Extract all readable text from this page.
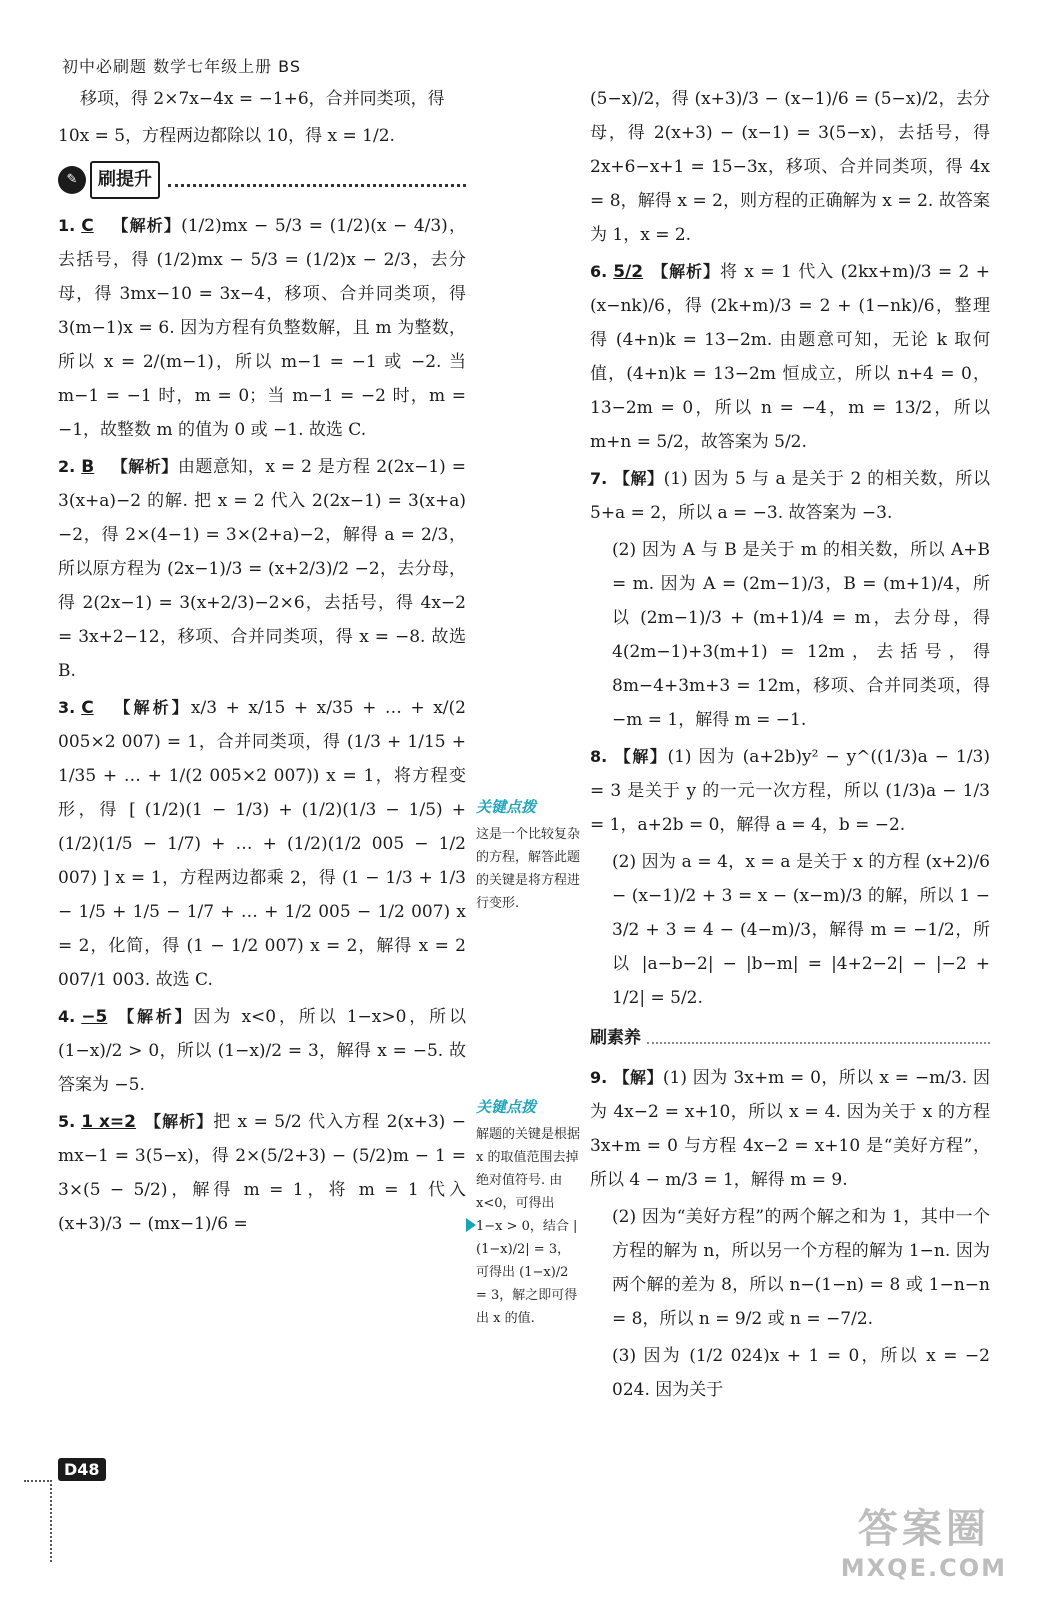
初中必刷题 数学七年级上册 BS

移项，得 2×7x−4x = −1+6，合并同类项，得

10x = 5，方程两边都除以 10，得 x = 1/2.

✎	刷提升

1. C 【解析】(1/2)mx − 5/3 = (1/2)(x − 4/3)，去括号，得 (1/2)mx − 5/3 = (1/2)x − 2/3，去分母，得 3mx−10 = 3x−4，移项、合并同类项，得 3(m−1)x = 6. 因为方程有负整数解，且 m 为整数，所以 x = 2/(m−1)，所以 m−1 = −1 或 −2. 当 m−1 = −1 时，m = 0；当 m−1 = −2 时，m = −1，故整数 m 的值为 0 或 −1. 故选 C.

2. B 【解析】由题意知，x = 2 是方程 2(2x−1) = 3(x+a)−2 的解. 把 x = 2 代入 2(2x−1) = 3(x+a)−2，得 2×(4−1) = 3×(2+a)−2，解得 a = 2/3，所以原方程为 (2x−1)/3 = (x+2/3)/2 −2，去分母，得 2(2x−1) = 3(x+2/3)−2×6，去括号，得 4x−2 = 3x+2−12，移项、合并同类项，得 x = −8. 故选 B.

3. C 【解析】x/3 + x/15 + x/35 + … + x/(2 005×2 007) = 1，合并同类项，得 (1/3 + 1/15 + 1/35 + … + 1/(2 005×2 007)) x = 1，将方程变形，得 [ (1/2)(1 − 1/3) + (1/2)(1/3 − 1/5) + (1/2)(1/5 − 1/7) + … + (1/2)(1/2 005 − 1/2 007) ] x = 1，方程两边都乘 2，得 (1 − 1/3 + 1/3 − 1/5 + 1/5 − 1/7 + … + 1/2 005 − 1/2 007) x = 2，化简，得 (1 − 1/2 007) x = 2，解得 x = 2 007/1 003. 故选 C.

4. −5 【解析】因为 x<0，所以 1−x>0，所以 (1−x)/2 > 0，所以 (1−x)/2 = 3，解得 x = −5. 故答案为 −5.

5. 1 x=2 【解析】把 x = 5/2 代入方程 2(x+3) − mx−1 = 3(5−x)，得 2×(5/2+3) − (5/2)m − 1 = 3×(5 − 5/2)，解得 m = 1，将 m = 1 代入 (x+3)/3 − (mx−1)/6 =

关键点拨
这是一个比较复杂的方程，解答此题的关键是将方程进行变形.
关键点拨
解题的关键是根据 x 的取值范围去掉绝对值符号. 由 x<0，可得出 1−x > 0，结合 |(1−x)/2| = 3，可得出 (1−x)/2 = 3，解之即可得出 x 的值.

(5−x)/2，得 (x+3)/3 − (x−1)/6 = (5−x)/2，去分母，得 2(x+3) − (x−1) = 3(5−x)，去括号，得 2x+6−x+1 = 15−3x，移项、合并同类项，得 4x = 8，解得 x = 2，则方程的正确解为 x = 2. 故答案为 1，x = 2.

6. 5/2 【解析】将 x = 1 代入 (2kx+m)/3 = 2 + (x−nk)/6，得 (2k+m)/3 = 2 + (1−nk)/6，整理得 (4+n)k = 13−2m. 由题意可知，无论 k 取何值，(4+n)k = 13−2m 恒成立，所以 n+4 = 0，13−2m = 0，所以 n = −4，m = 13/2，所以 m+n = 5/2，故答案为 5/2.

7. 【解】(1) 因为 5 与 a 是关于 2 的相关数，所以 5+a = 2，所以 a = −3. 故答案为 −3.

(2) 因为 A 与 B 是关于 m 的相关数，所以 A+B = m. 因为 A = (2m−1)/3，B = (m+1)/4，所以 (2m−1)/3 + (m+1)/4 = m，去分母，得 4(2m−1)+3(m+1) = 12m，去括号，得 8m−4+3m+3 = 12m，移项、合并同类项，得 −m = 1，解得 m = −1.

8. 【解】(1) 因为 (a+2b)y² − y^((1/3)a − 1/3) = 3 是关于 y 的一元一次方程，所以 (1/3)a − 1/3 = 1，a+2b = 0，解得 a = 4，b = −2.

(2) 因为 a = 4，x = a 是关于 x 的方程 (x+2)/6 − (x−1)/2 + 3 = x − (x−m)/3 的解，所以 1 − 3/2 + 3 = 4 − (4−m)/3，解得 m = −1/2，所以 |a−b−2| − |b−m| = |4+2−2| − |−2 + 1/2| = 5/2.

刷素养

9. 【解】(1) 因为 3x+m = 0，所以 x = −m/3. 因为 4x−2 = x+10，所以 x = 4. 因为关于 x 的方程 3x+m = 0 与方程 4x−2 = x+10 是“美好方程”，所以 4 − m/3 = 1，解得 m = 9.

(2) 因为“美好方程”的两个解之和为 1，其中一个方程的解为 n，所以另一个方程的解为 1−n. 因为两个解的差为 8，所以 n−(1−n) = 8 或 1−n−n = 8，所以 n = 9/2 或 n = −7/2.

(3) 因为 (1/2 024)x + 1 = 0，所以 x = −2 024. 因为关于

D48
答案圈
MXQE.COM
